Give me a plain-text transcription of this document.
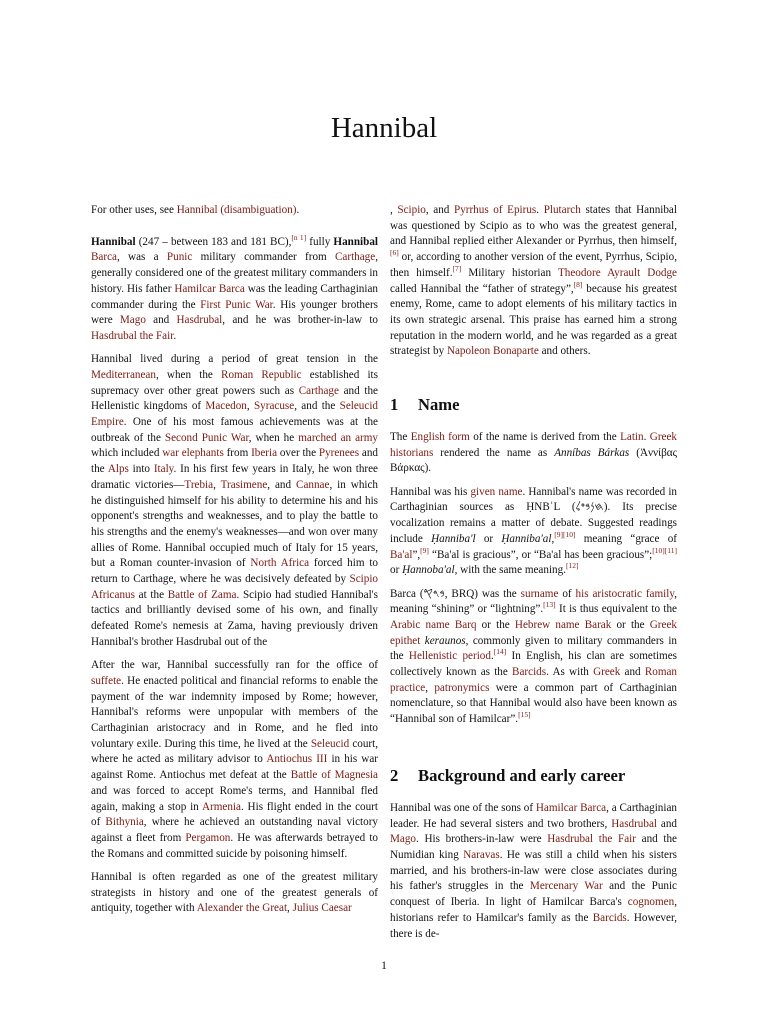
Hannibal

For other uses, see Hannibal (disambiguation).

Hannibal (247 – between 183 and 181 BC),[n 1] fully Hannibal Barca, was a Punic military commander from Carthage, generally considered one of the greatest military commanders in history. His father Hamilcar Barca was the leading Carthaginian commander during the First Punic War. His younger brothers were Mago and Hasdrubal, and he was brother-in-law to Hasdrubal the Fair.

Hannibal lived during a period of great tension in the Mediterranean, when the Roman Republic established its supremacy over other great powers such as Carthage and the Hellenistic kingdoms of Macedon, Syracuse, and the Seleucid Empire. One of his most famous achievements was at the outbreak of the Second Punic War, when he marched an army which included war elephants from Iberia over the Pyrenees and the Alps into Italy. In his first few years in Italy, he won three dramatic victories—Trebia, Trasimene, and Cannae, in which he distinguished himself for his ability to determine his and his opponent's strengths and weaknesses, and to play the battle to his strengths and the enemy's weaknesses—and won over many allies of Rome. Hannibal occupied much of Italy for 15 years, but a Roman counter-invasion of North Africa forced him to return to Carthage, where he was decisively defeated by Scipio Africanus at the Battle of Zama. Scipio had studied Hannibal's tactics and brilliantly devised some of his own, and finally defeated Rome's nemesis at Zama, having previously driven Hannibal's brother Hasdrubal out of the

After the war, Hannibal successfully ran for the office of suffete. He enacted political and financial reforms to enable the payment of the war indemnity imposed by Rome; however, Hannibal's reforms were unpopular with members of the Carthaginian aristocracy and in Rome, and he fled into voluntary exile. During this time, he lived at the Seleucid court, where he acted as military advisor to Antiochus III in his war against Rome. Antiochus met defeat at the Battle of Magnesia and was forced to accept Rome's terms, and Hannibal fled again, making a stop in Armenia. His flight ended in the court of Bithynia, where he achieved an outstanding naval victory against a fleet from Pergamon. He was afterwards betrayed to the Romans and committed suicide by poisoning himself.

Hannibal is often regarded as one of the greatest military strategists in history and one of the greatest generals of antiquity, together with Alexander the Great, Julius Caesar

, Scipio, and Pyrrhus of Epirus. Plutarch states that Hannibal was questioned by Scipio as to who was the greatest general, and Hannibal replied either Alexander or Pyrrhus, then himself,[6] or, according to another version of the event, Pyrrhus, Scipio, then himself.[7] Military historian Theodore Ayrault Dodge called Hannibal the “father of strategy”,[8] because his greatest enemy, Rome, came to adopt elements of his military tactics in its own strategic arsenal. This praise has earned him a strong reputation in the modern world, and he was regarded as a great strategist by Napoleon Bonaparte and others.

1 Name

The English form of the name is derived from the Latin. Greek historians rendered the name as Anníbas Bárkas (Ἀννίβας Βάρκας).

Hannibal was his given name. Hannibal's name was recorded in Carthaginian sources as ḤNBʿL (𐤇𐤍𐤁𐤏𐤋). Its precise vocalization remains a matter of debate. Suggested readings include Ḥanniba'l or Ḥanniba'al,[9][10] meaning “grace of Ba'al”,[9] “Ba'al is gracious”, or “Ba'al has been gracious”;[10][11] or Ḥannoba'al, with the same meaning.[12]

Barca (𐤁𐤓𐤒, BRQ) was the surname of his aristocratic family, meaning “shining” or “lightning”.[13] It is thus equivalent to the Arabic name Barq or the Hebrew name Barak or the Greek epithet keraunos, commonly given to military commanders in the Hellenistic period.[14] In English, his clan are sometimes collectively known as the Barcids. As with Greek and Roman practice, patronymics were a common part of Carthaginian nomenclature, so that Hannibal would also have been known as “Hannibal son of Hamilcar”.[15]

2 Background and early career

Hannibal was one of the sons of Hamilcar Barca, a Carthaginian leader. He had several sisters and two brothers, Hasdrubal and Mago. His brothers-in-law were Hasdrubal the Fair and the Numidian king Naravas. He was still a child when his sisters married, and his brothers-in-law were close associates during his father's struggles in the Mercenary War and the Punic conquest of Iberia. In light of Hamilcar Barca's cognomen, historians refer to Hamilcar's family as the Barcids. However, there is de-

1
